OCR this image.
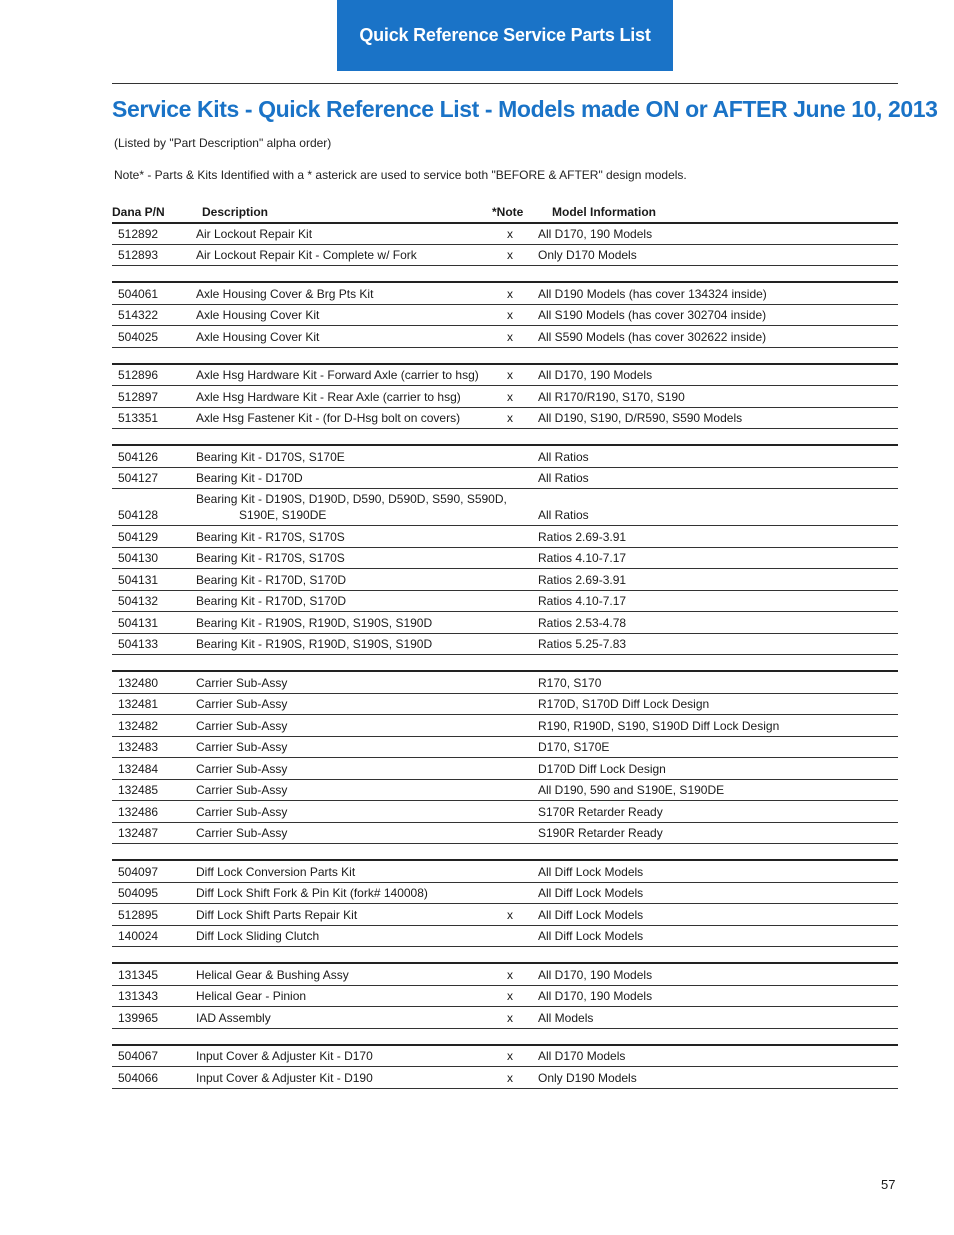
Quick Reference Service Parts List
Service Kits - Quick Reference List - Models made ON or AFTER June 10, 2013
(Listed by "Part Description" alpha order)
Note* - Parts & Kits Identified with a * asterick are used to service both "BEFORE & AFTER" design models.
Dana P/N	Description	*Note Model Information
512892	Air Lockout Repair Kit	x All D170, 190 Models
512893	Air Lockout Repair Kit - Complete w/ Fork	x Only D170 Models
504061	Axle Housing Cover & Brg Pts Kit	x All D190 Models (has cover 134324 inside)
514322	Axle Housing Cover Kit	x All S190 Models (has cover 302704 inside)
504025	Axle Housing Cover Kit	x All S590 Models (has cover 302622 inside)
512896	Axle Hsg Hardware Kit - Forward Axle (carrier to hsg) x All D170, 190 Models
512897	Axle Hsg Hardware Kit - Rear Axle (carrier to hsg)	x All R170/R190, S170, S190
513351	Axle Hsg Fastener Kit - (for D-Hsg bolt on covers)	x All D190, S190, D/R590, S590 Models
504126	Bearing Kit - D170S, S170E	All Ratios
504127	Bearing Kit - D170D	All Ratios
504128
Bearing Kit - D190S, D190D, D590, D590D, S590, S590D,
S190E, S190DE	All Ratios
504129	Bearing Kit - R170S, S170S	Ratios 2.69-3.91
504130	Bearing Kit - R170S, S170S	Ratios 4.10-7.17
504131	Bearing Kit - R170D, S170D	Ratios 2.69-3.91
504132	Bearing Kit - R170D, S170D	Ratios 4.10-7.17
504131	Bearing Kit - R190S, R190D, S190S, S190D	Ratios 2.53-4.78
504133	Bearing Kit - R190S, R190D, S190S, S190D	Ratios 5.25-7.83
132480	Carrier Sub-Assy	R170, S170
132481	Carrier Sub-Assy	R170D, S170D Diff Lock Design
132482	Carrier Sub-Assy	R190, R190D, S190, S190D Diff Lock Design
132483	Carrier Sub-Assy	D170, S170E
132484	Carrier Sub-Assy	D170D Diff Lock Design
132485	Carrier Sub-Assy	All D190, 590 and S190E, S190DE
132486	Carrier Sub-Assy	S170R Retarder Ready
132487	Carrier Sub-Assy	S190R Retarder Ready
504097	Diff Lock Conversion Parts Kit	All Diff Lock Models
504095	Diff Lock Shift Fork & Pin Kit (fork# 140008)	All Diff Lock Models
512895	Diff Lock Shift Parts Repair Kit	x All Diff Lock Models
140024	Diff Lock Sliding Clutch	All Diff Lock Models
131345	Helical Gear & Bushing Assy	x All D170, 190 Models
131343	Helical Gear - Pinion	x All D170, 190 Models
139965	IAD Assembly	x All Models
504067	Input Cover & Adjuster Kit - D170	x All D170 Models
504066	Input Cover & Adjuster Kit - D190	x Only D190 Models
57
